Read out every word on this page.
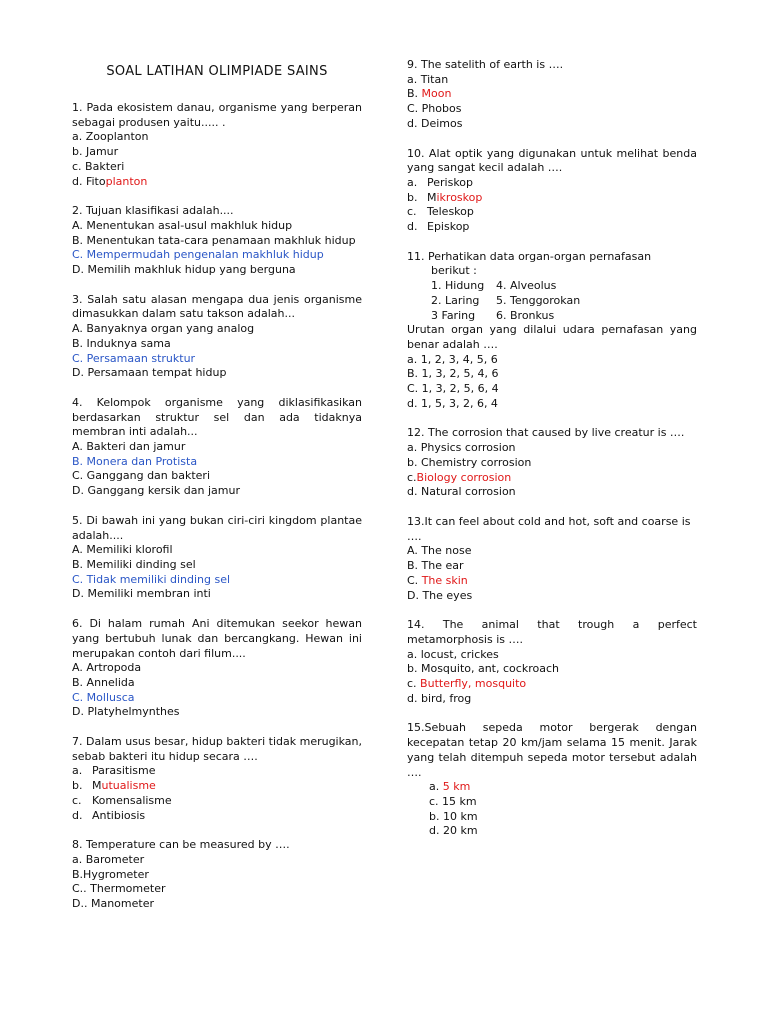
SOAL LATIHAN OLIMPIADE SAINS
1. Pada ekosistem danau, organisme yang berperan sebagai produsen yaitu..... .
a. Zooplanton
b. Jamur
c. Bakteri
d. Fitoplanton
2. Tujuan klasifikasi adalah....
A. Menentukan asal-usul makhluk hidup
B. Menentukan tata-cara penamaan makhluk hidup
C. Mempermudah pengenalan makhluk hidup
D. Memilih makhluk hidup yang berguna
3. Salah satu alasan mengapa dua jenis organisme dimasukkan dalam satu takson adalah...
A. Banyaknya organ yang analog
B. Induknya sama
C. Persamaan struktur
D. Persamaan tempat hidup
4. Kelompok organisme yang diklasifikasikan berdasarkan struktur sel dan ada tidaknya membran inti adalah...
A. Bakteri dan jamur
B. Monera dan Protista
C. Ganggang dan bakteri
D. Ganggang kersik dan jamur
5. Di bawah ini yang bukan ciri-ciri kingdom plantae adalah....
A. Memiliki klorofil
B. Memiliki dinding sel
C. Tidak memiliki dinding sel
D. Memiliki membran inti
6. Di halam rumah Ani ditemukan seekor hewan yang bertubuh lunak dan bercangkang. Hewan ini merupakan contoh dari filum....
A. Artropoda
B. Annelida
C. Mollusca
D. Platyhelmynthes
7. Dalam usus besar, hidup bakteri tidak merugikan, sebab bakteri itu hidup secara ….
a. Parasitisme
b. Mutualisme
c. Komensalisme
d. Antibiosis
8. Temperature can be measured by ….
a. Barometer
B.Hygrometer
C.. Thermometer
D.. Manometer
9. The satelith of earth is ….
a. Titan
B. Moon
C. Phobos
d. Deimos
10. Alat optik yang digunakan untuk melihat benda yang sangat kecil adalah ….
a. Periskop
b. Mikroskop
c. Teleskop
d. Episkop
11. Perhatikan data organ-organ pernafasan
berikut :
1. Hidung 4. Alveolus
2. Laring 5. Tenggorokan
3 Faring 6. Bronkus
Urutan organ yang dilalui udara pernafasan yang benar adalah ….
a. 1, 2, 3, 4, 5, 6
B. 1, 3, 2, 5, 4, 6
C. 1, 3, 2, 5, 6, 4
d. 1, 5, 3, 2, 6, 4
12. The corrosion that caused by live creatur is ….
a. Physics corrosion
b. Chemistry corrosion
c.Biology corrosion
d. Natural corrosion
13.It can feel about cold and hot, soft and coarse is ….
A. The nose
B. The ear
C. The skin
D. The eyes
14. The animal that trough a perfect metamorphosis is ….
a. locust, crickes
b. Mosquito, ant, cockroach
c. Butterfly, mosquito
d. bird, frog
15.Sebuah sepeda motor bergerak dengan kecepatan tetap 20 km/jam selama 15 menit. Jarak yang telah ditempuh sepeda motor tersebut adalah ….
a. 5 km
c. 15 km
b. 10 km
d. 20 km
